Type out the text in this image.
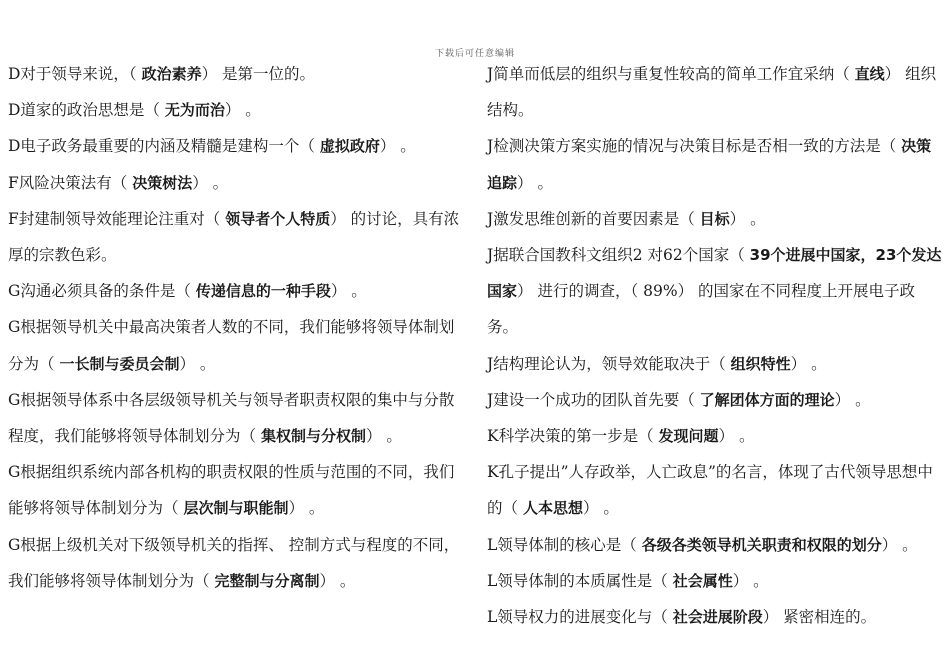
下载后可任意编辑

D对于领导来说，（ 政治素养） 是第一位的。

D道家的政治思想是（ 无为而治） 。

D电子政务最重要的内涵及精髓是建构一个（ 虚拟政府） 。

F风险决策法有（ 决策树法） 。

F封建制领导效能理论注重对（ 领导者个人特质） 的讨论，具有浓厚的宗教色彩。

G沟通必须具备的条件是（ 传递信息的一种手段） 。

G根据领导机关中最高决策者人数的不同，我们能够将领导体制划分为（ 一长制与委员会制） 。

G根据领导体系中各层级领导机关与领导者职责权限的集中与分散程度，我们能够将领导体制划分为（ 集权制与分权制） 。

G根据组织系统内部各机构的职责权限的性质与范围的不同，我们能够将领导体制划分为（ 层次制与职能制） 。

G根据上级机关对下级领导机关的指挥、 控制方式与程度的不同，我们能够将领导体制划分为（ 完整制与分离制） 。

J简单而低层的组织与重复性较高的简单工作宜采纳（ 直线） 组织结构。

J检测决策方案实施的情况与决策目标是否相一致的方法是（ 决策追踪） 。

J激发思维创新的首要因素是（ 目标） 。

J据联合国教科文组织2 对62个国家（ 39个进展中国家，23个发达国家） 进行的调查，（ 89%） 的国家在不同程度上开展电子政务。

J结构理论认为，领导效能取决于（ 组织特性） 。

J建设一个成功的团队首先要（ 了解团体方面的理论） 。

K科学决策的第一步是（ 发现问题） 。

K孔子提出”人存政举，人亡政息”的名言，体现了古代领导思想中的（ 人本思想） 。

L领导体制的核心是（ 各级各类领导机关职责和权限的划分） 。

L领导体制的本质属性是（ 社会属性） 。

L领导权力的进展变化与（ 社会进展阶段） 紧密相连的。
